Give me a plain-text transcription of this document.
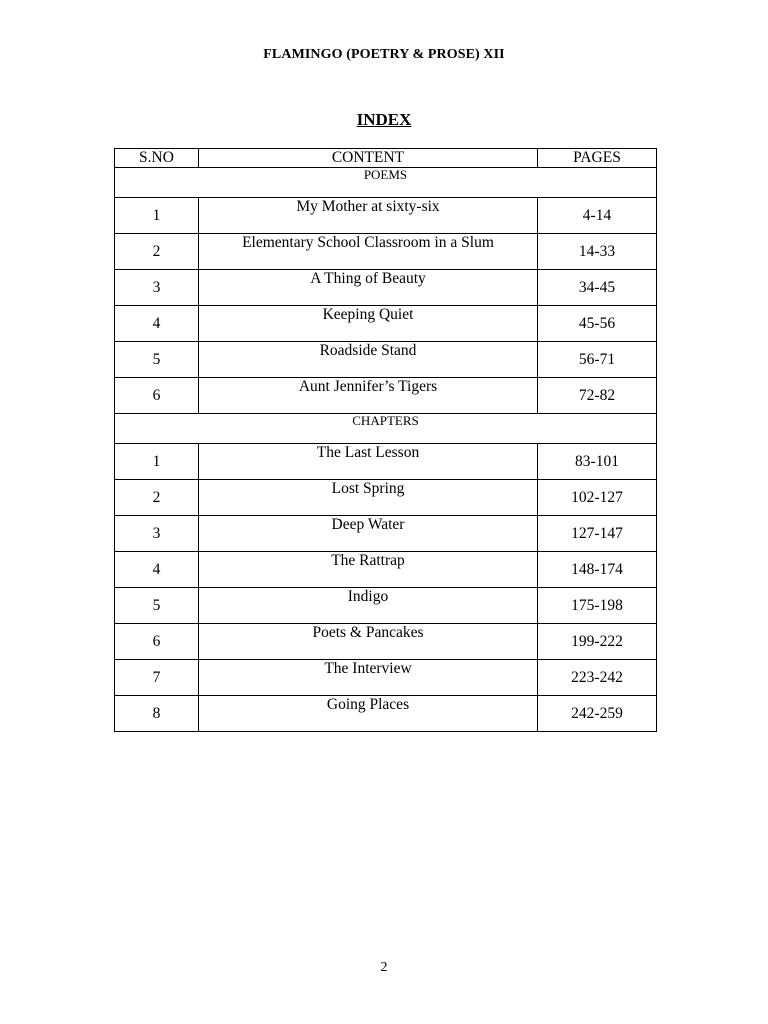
FLAMINGO (POETRY & PROSE) XII
INDEX
S.NO	CONTENT	PAGES
POEMS		
1	My Mother at sixty-six	4-14
2	Elementary School Classroom in a Slum	14-33
3	A Thing of Beauty	34-45
4	Keeping Quiet	45-56
5	Roadside Stand	56-71
6	Aunt Jennifer’s Tigers	72-82
CHAPTERS		
1	The Last Lesson	83-101
2	Lost Spring	102-127
3	Deep Water	127-147
4	The Rattrap	148-174
5	Indigo	175-198
6	Poets & Pancakes	199-222
7	The Interview	223-242
8	Going Places	242-259
2
